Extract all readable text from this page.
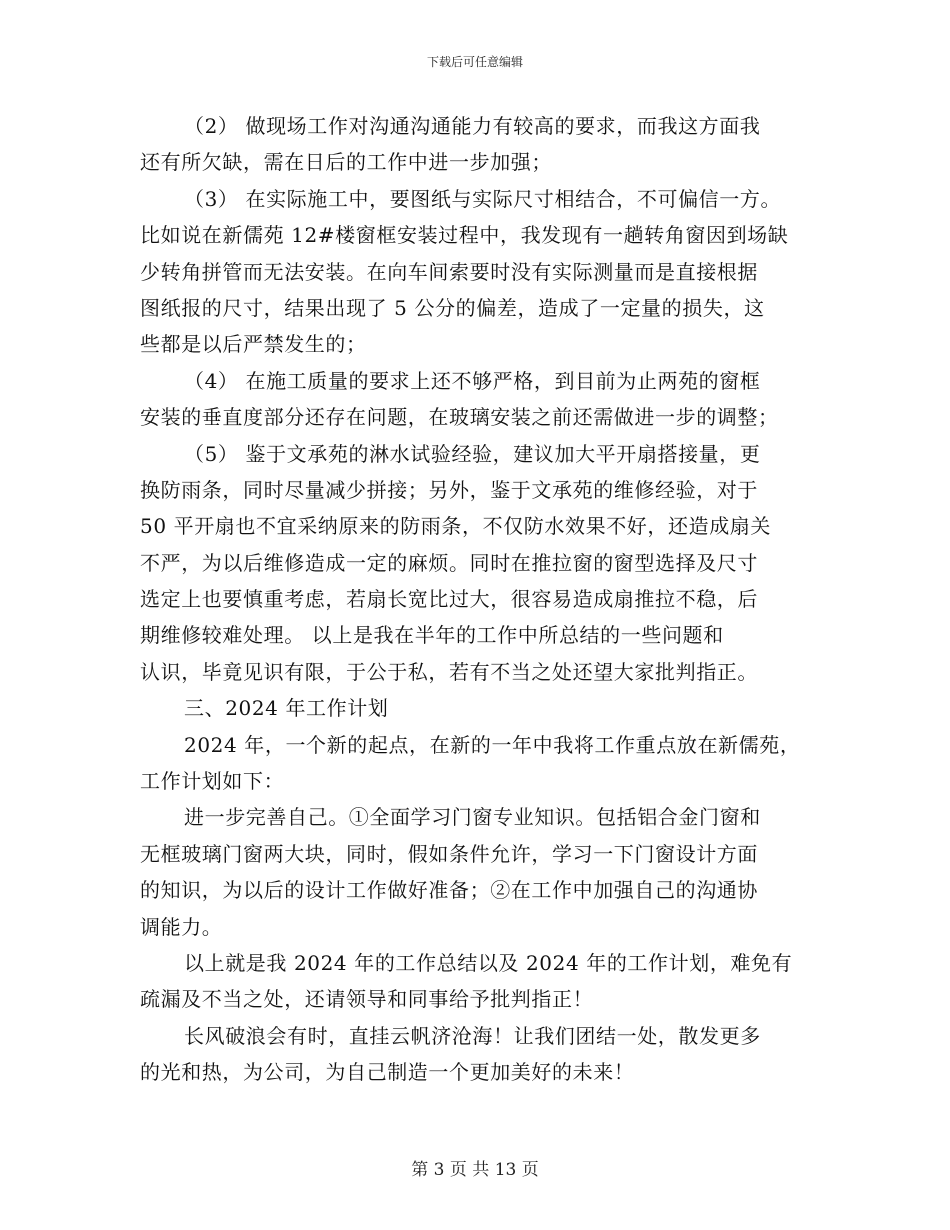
下载后可任意编辑
（2） 做现场工作对沟通沟通能力有较高的要求，而我这方面我
还有所欠缺，需在日后的工作中进一步加强；
（3） 在实际施工中，要图纸与实际尺寸相结合，不可偏信一方。
比如说在新儒苑 12#楼窗框安装过程中，我发现有一趟转角窗因到场缺
少转角拼管而无法安装。在向车间索要时没有实际测量而是直接根据
图纸报的尺寸，结果出现了 5 公分的偏差，造成了一定量的损失，这
些都是以后严禁发生的；
（4） 在施工质量的要求上还不够严格，到目前为止两苑的窗框
安装的垂直度部分还存在问题，在玻璃安装之前还需做进一步的调整；
（5） 鉴于文承苑的淋水试验经验，建议加大平开扇搭接量，更
换防雨条，同时尽量减少拼接；另外，鉴于文承苑的维修经验，对于
50 平开扇也不宜采纳原来的防雨条，不仅防水效果不好，还造成扇关
不严，为以后维修造成一定的麻烦。同时在推拉窗的窗型选择及尺寸
选定上也要慎重考虑，若扇长宽比过大，很容易造成扇推拉不稳，后
期维修较难处理。 以上是我在半年的工作中所总结的一些问题和
认识，毕竟见识有限，于公于私，若有不当之处还望大家批判指正。
三、2024 年工作计划
2024 年，一个新的起点，在新的一年中我将工作重点放在新儒苑，
工作计划如下：
进一步完善自己。①全面学习门窗专业知识。包括铝合金门窗和
无框玻璃门窗两大块，同时，假如条件允许，学习一下门窗设计方面
的知识，为以后的设计工作做好准备；②在工作中加强自己的沟通协
调能力。
以上就是我 2024 年的工作总结以及 2024 年的工作计划，难免有
疏漏及不当之处，还请领导和同事给予批判指正！
长风破浪会有时，直挂云帆济沧海！让我们团结一处，散发更多
的光和热，为公司，为自己制造一个更加美好的未来！
第 3 页 共 13 页
